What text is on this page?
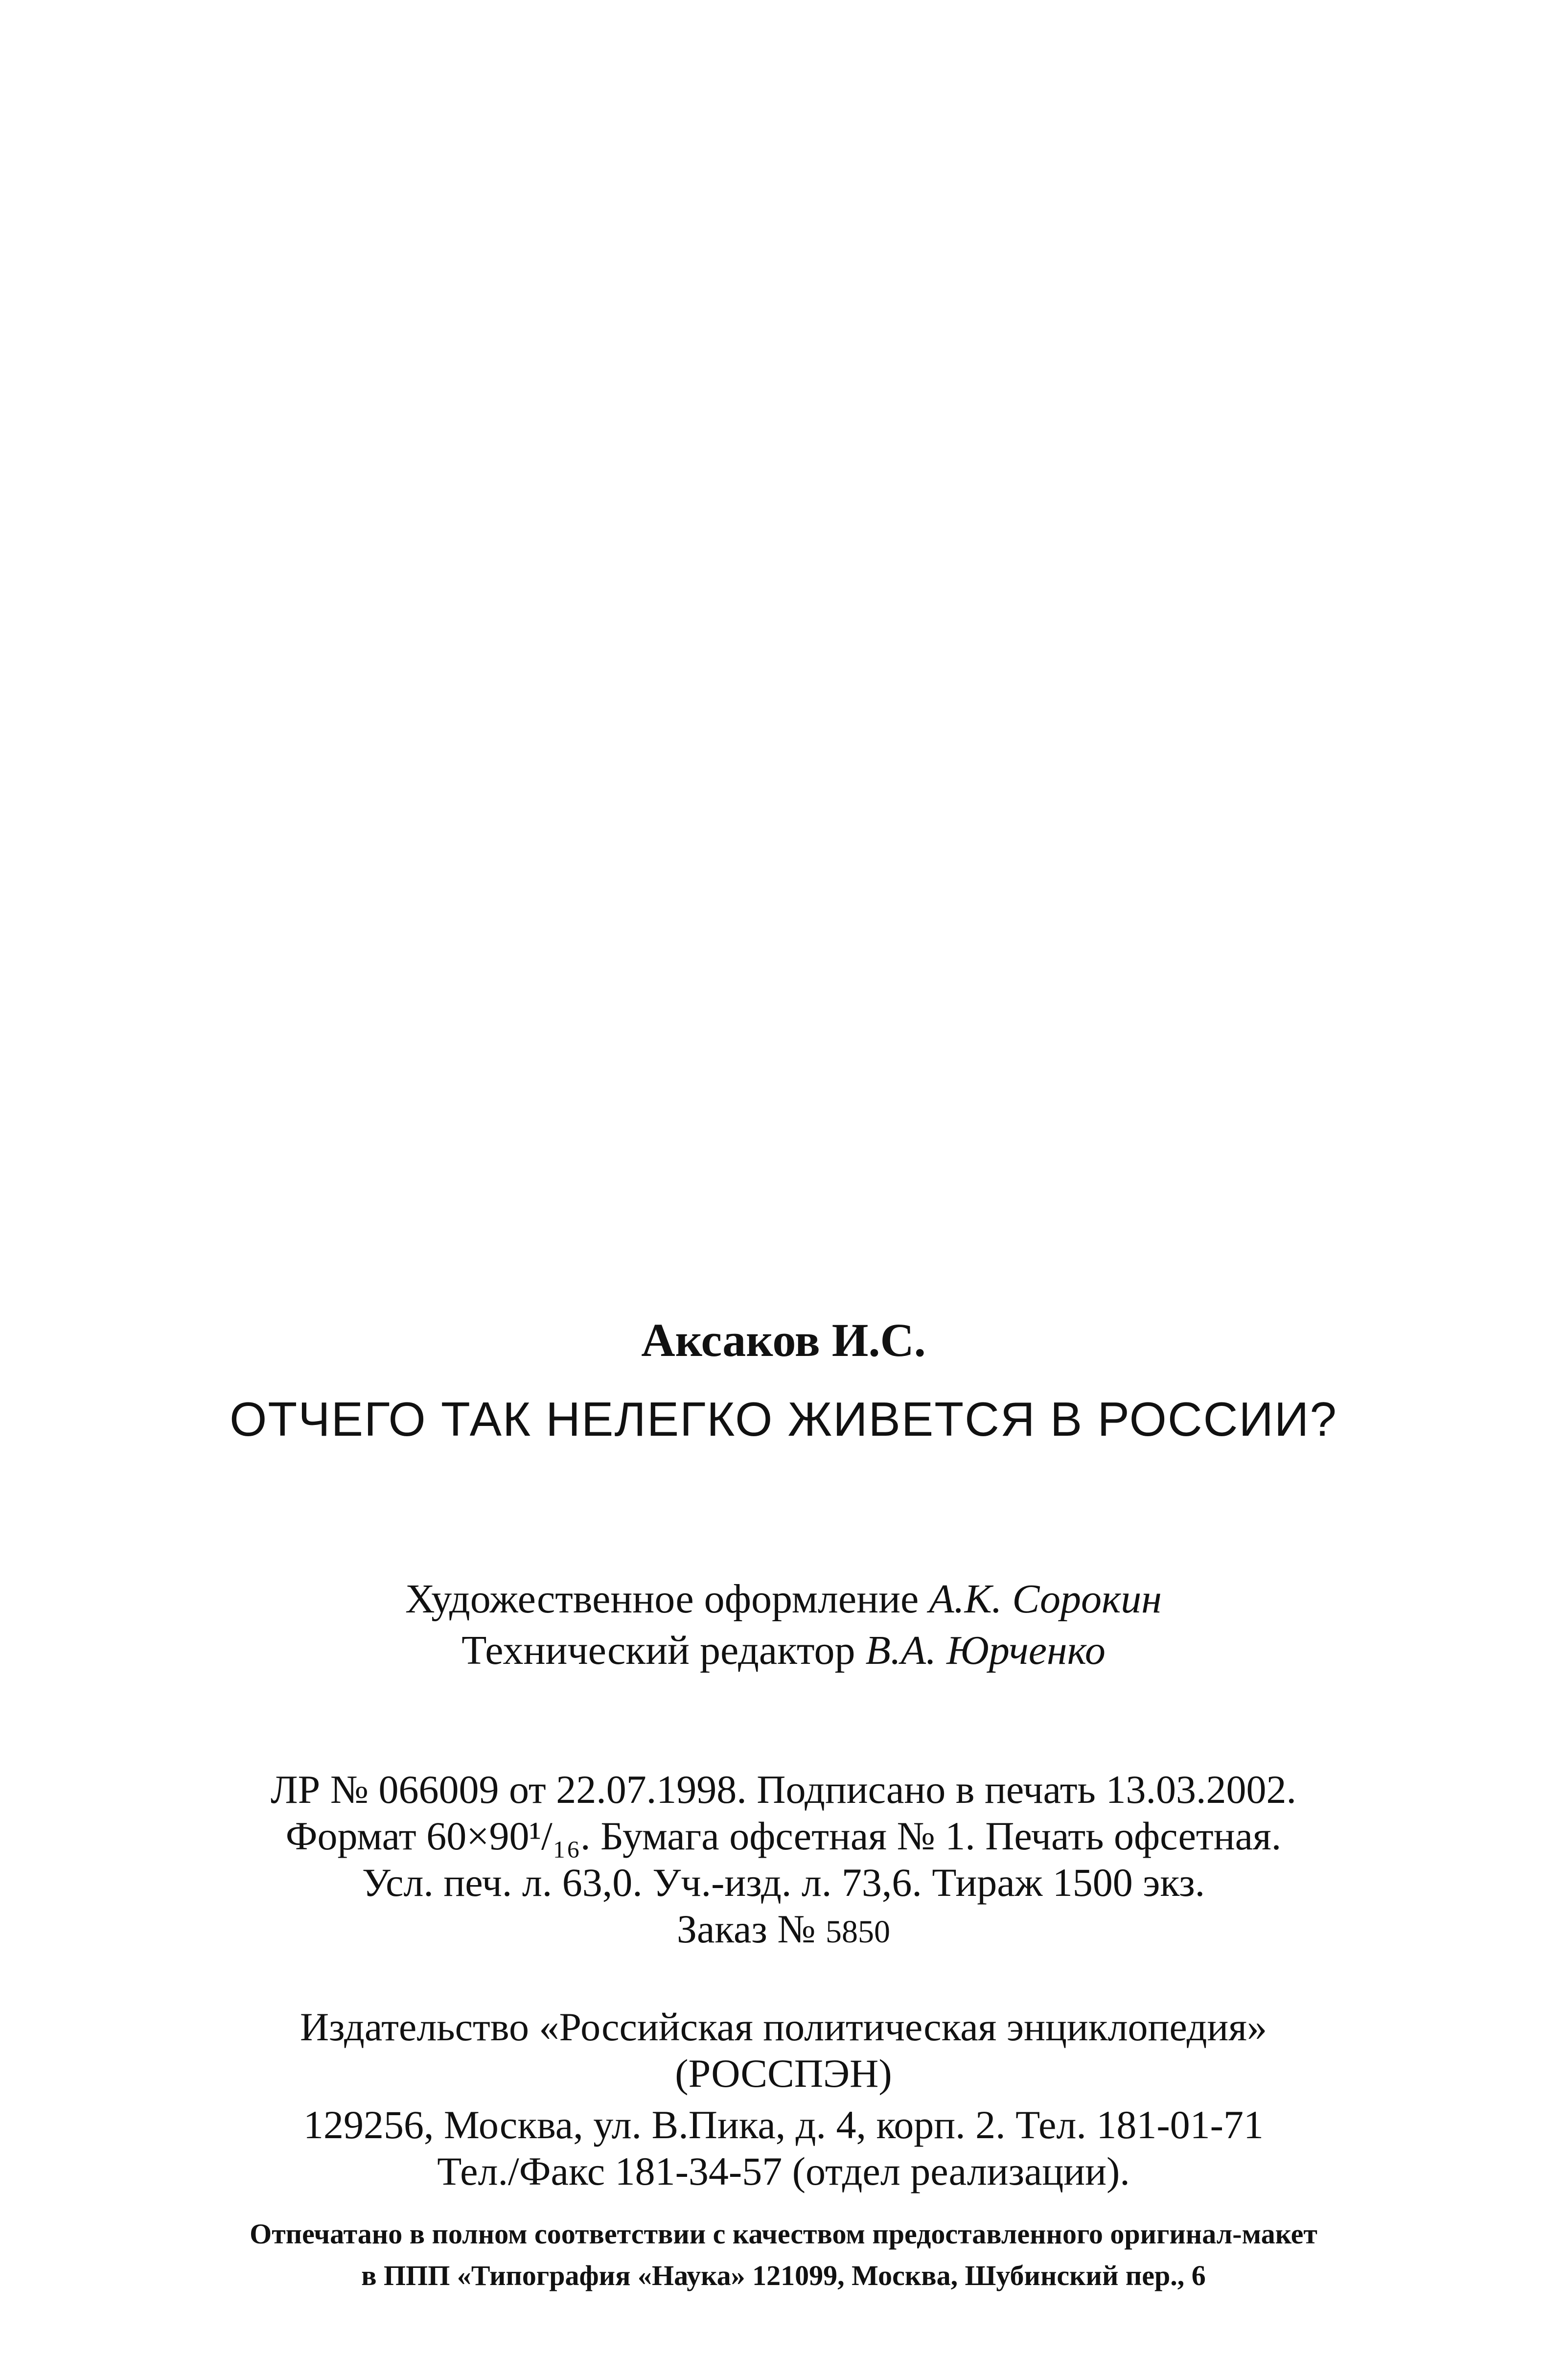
Аксаков И.С.
ОТЧЕГО ТАК НЕЛЕГКО ЖИВЕТСЯ В РОССИИ?
Художественное оформление А.К. Сорокин
Технический редактор В.А. Юрченко
ЛР № 066009 от 22.07.1998. Подписано в печать 13.03.2002.
Формат 60×90¹/₁₆. Бумага офсетная № 1. Печать офсетная.
Усл. печ. л. 63,0. Уч.-изд. л. 73,6. Тираж 1500 экз.
Заказ № 5850
Издательство «Российская политическая энциклопедия»
(РОССПЭН)
129256, Москва, ул. В.Пика, д. 4, корп. 2. Тел. 181-01-71
Тел./Факс 181-34-57 (отдел реализации).
Отпечатано в полном соответствии с качеством предоставленного оригинал-макет
в ППП «Типография «Наука» 121099, Москва, Шубинский пер., 6
